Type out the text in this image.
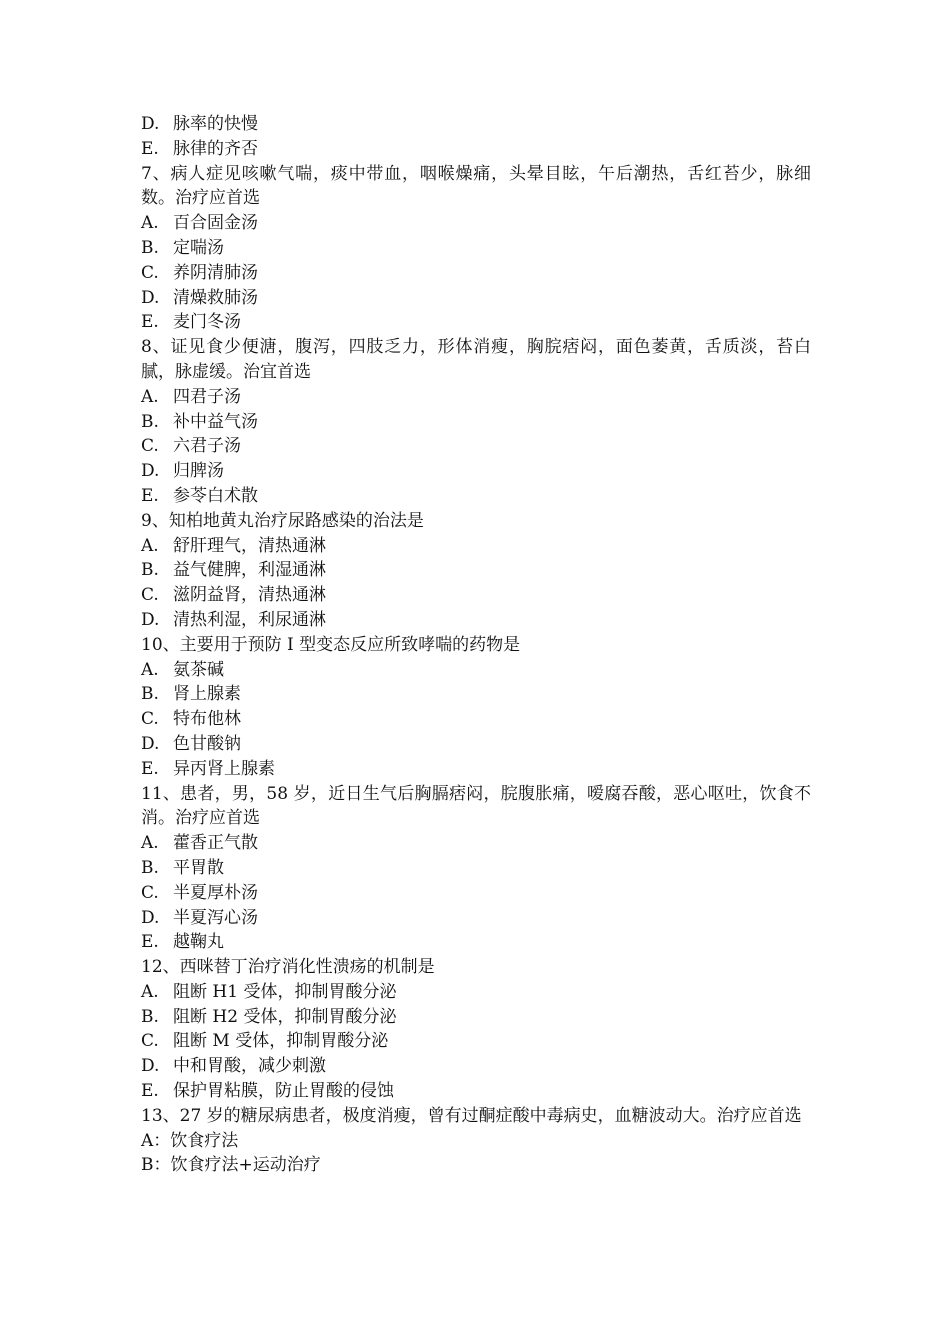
D. 脉率的快慢
E. 脉律的齐否
7、病人症见咳嗽气喘，痰中带血，咽喉燥痛，头晕目眩，午后潮热，舌红苔少，脉细数。治疗应首选
A. 百合固金汤
B. 定喘汤
C. 养阴清肺汤
D. 清燥救肺汤
E. 麦门冬汤
8、证见食少便溏，腹泻，四肢乏力，形体消瘦，胸脘痞闷，面色萎黄，舌质淡，苔白腻，脉虚缓。治宜首选
A. 四君子汤
B. 补中益气汤
C. 六君子汤
D. 归脾汤
E. 参苓白术散
9、知柏地黄丸治疗尿路感染的治法是
A. 舒肝理气，清热通淋
B. 益气健脾，利湿通淋
C. 滋阴益肾，清热通淋
D. 清热利湿，利尿通淋
10、主要用于预防 I 型变态反应所致哮喘的药物是
A. 氨茶碱
B. 肾上腺素
C. 特布他林
D. 色甘酸钠
E. 异丙肾上腺素
11、患者，男，58 岁，近日生气后胸膈痞闷，脘腹胀痛，嗳腐吞酸，恶心呕吐，饮食不消。治疗应首选
A. 藿香正气散
B. 平胃散
C. 半夏厚朴汤
D. 半夏泻心汤
E. 越鞠丸
12、西咪替丁治疗消化性溃疡的机制是
A. 阻断 H1 受体，抑制胃酸分泌
B. 阻断 H2 受体，抑制胃酸分泌
C. 阻断 M 受体，抑制胃酸分泌
D. 中和胃酸，减少刺激
E. 保护胃粘膜，防止胃酸的侵蚀
13、27 岁的糖尿病患者，极度消瘦，曾有过酮症酸中毒病史，血糖波动大。治疗应首选
A：饮食疗法
B：饮食疗法+运动治疗
